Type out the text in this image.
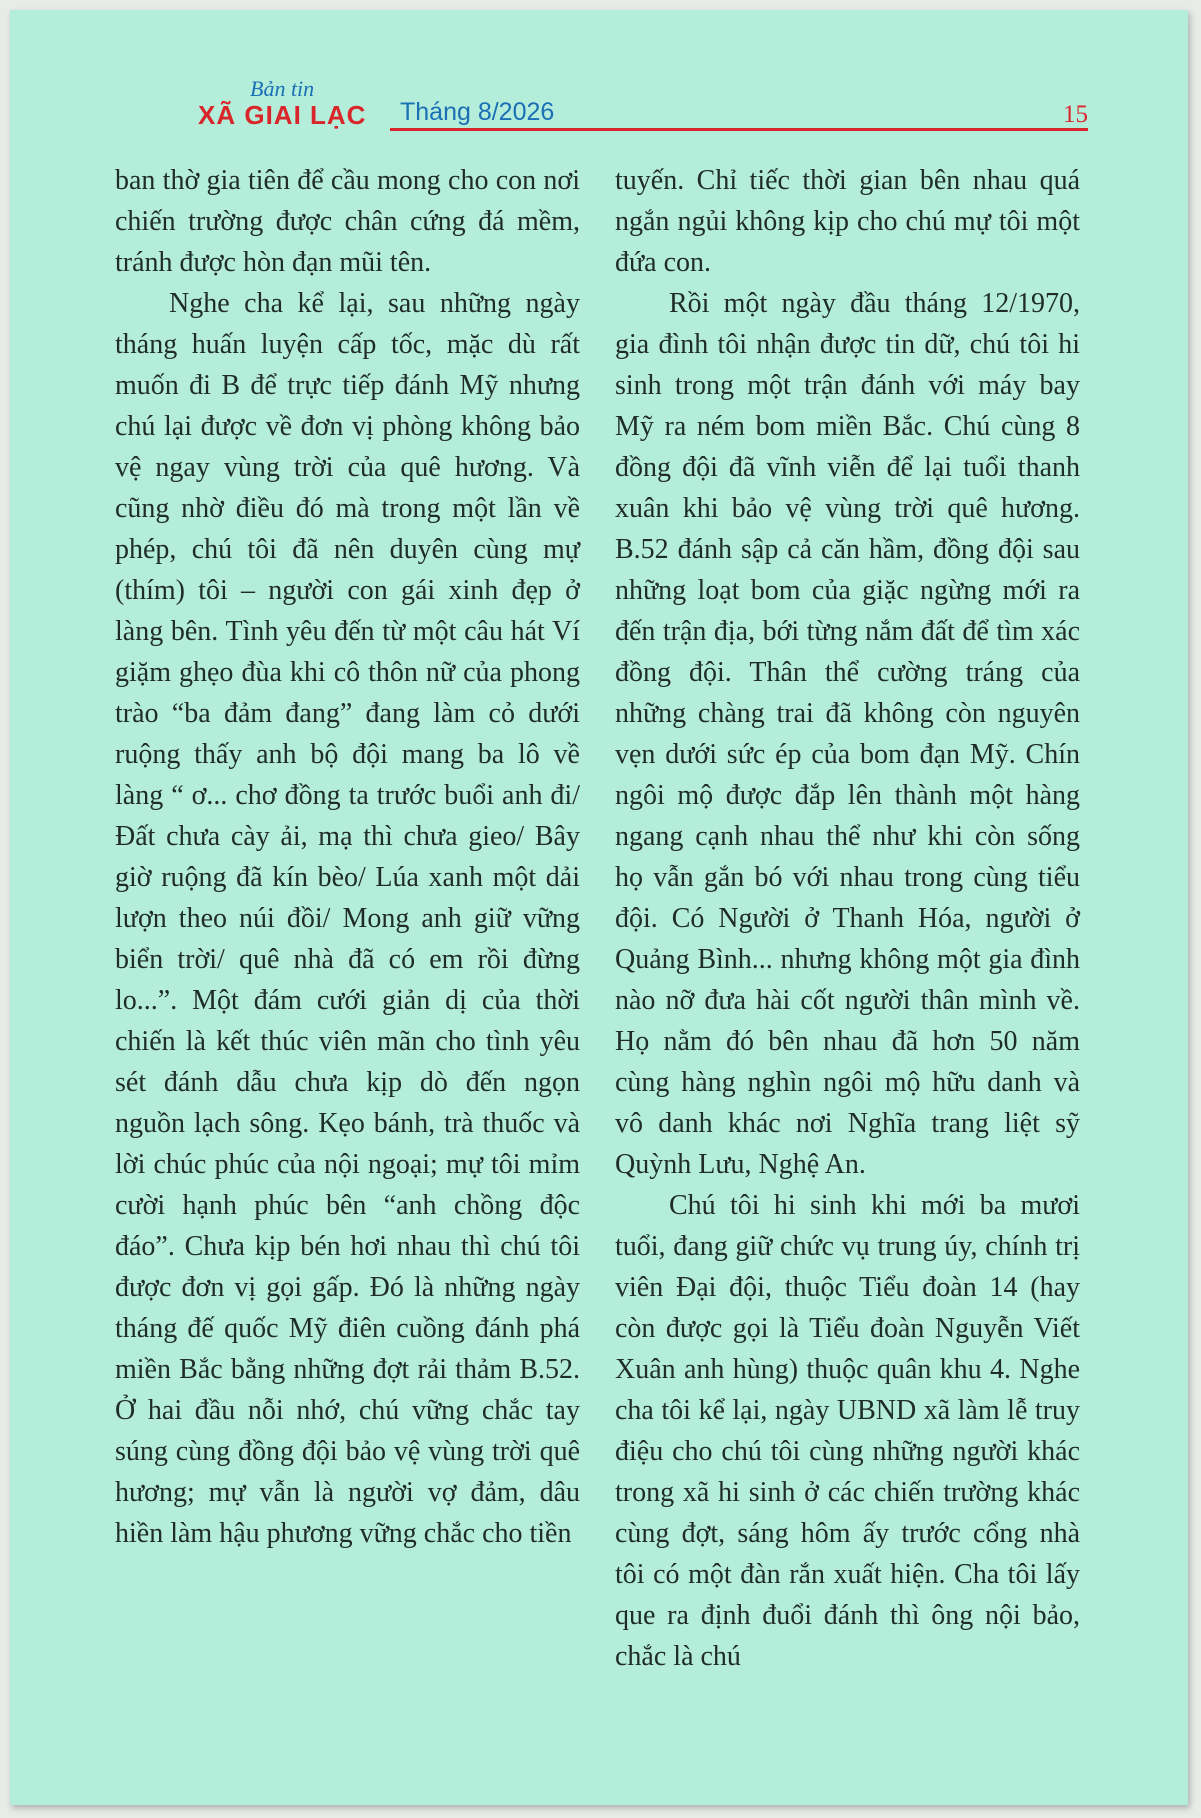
Bản tin
XÃ GIAI LẠC Tháng 8/2026	15

ban thờ gia tiên để cầu mong cho con nơi chiến trường được chân cứng đá mềm, tránh được hòn đạn mũi tên.

Nghe cha kể lại, sau những ngày tháng huấn luyện cấp tốc, mặc dù rất muốn đi B để trực tiếp đánh Mỹ nhưng chú lại được về đơn vị phòng không bảo vệ ngay vùng trời của quê hương. Và cũng nhờ điều đó mà trong một lần về phép, chú tôi đã nên duyên cùng mự (thím) tôi – người con gái xinh đẹp ở làng bên. Tình yêu đến từ một câu hát Ví giặm ghẹo đùa khi cô thôn nữ của phong trào “ba đảm đang” đang làm cỏ dưới ruộng thấy anh bộ đội mang ba lô về làng “ ơ... chơ đồng ta trước buổi anh đi/ Đất chưa cày ải, mạ thì chưa gieo/ Bây giờ ruộng đã kín bèo/ Lúa xanh một dải lượn theo núi đồi/ Mong anh giữ vững biển trời/ quê nhà đã có em rồi đừng lo...”. Một đám cưới giản dị của thời chiến là kết thúc viên mãn cho tình yêu sét đánh dẫu chưa kịp dò đến ngọn nguồn lạch sông. Kẹo bánh, trà thuốc và lời chúc phúc của nội ngoại; mự tôi mỉm cười hạnh phúc bên “anh chồng độc đáo”. Chưa kịp bén hơi nhau thì chú tôi được đơn vị gọi gấp. Đó là những ngày tháng đế quốc Mỹ điên cuồng đánh phá miền Bắc bằng những đợt rải thảm B.52. Ở hai đầu nỗi nhớ, chú vững chắc tay súng cùng đồng đội bảo vệ vùng trời quê hương; mự vẫn là người vợ đảm, dâu hiền làm hậu phương vững chắc cho tiền

tuyến. Chỉ tiếc thời gian bên nhau quá ngắn ngủi không kịp cho chú mự tôi một đứa con.

Rồi một ngày đầu tháng 12/1970, gia đình tôi nhận được tin dữ, chú tôi hi sinh trong một trận đánh với máy bay Mỹ ra ném bom miền Bắc. Chú cùng 8 đồng đội đã vĩnh viễn để lại tuổi thanh xuân khi bảo vệ vùng trời quê hương. B.52 đánh sập cả căn hầm, đồng đội sau những loạt bom của giặc ngừng mới ra đến trận địa, bới từng nắm đất để tìm xác đồng đội. Thân thể cường tráng của những chàng trai đã không còn nguyên vẹn dưới sức ép của bom đạn Mỹ. Chín ngôi mộ được đắp lên thành một hàng ngang cạnh nhau thể như khi còn sống họ vẫn gắn bó với nhau trong cùng tiểu đội. Có Người ở Thanh Hóa, người ở Quảng Bình... nhưng không một gia đình nào nỡ đưa hài cốt người thân mình về. Họ nằm đó bên nhau đã hơn 50 năm cùng hàng nghìn ngôi mộ hữu danh và vô danh khác nơi Nghĩa trang liệt sỹ Quỳnh Lưu, Nghệ An.

Chú tôi hi sinh khi mới ba mươi tuổi, đang giữ chức vụ trung úy, chính trị viên Đại đội, thuộc Tiểu đoàn 14 (hay còn được gọi là Tiểu đoàn Nguyễn Viết Xuân anh hùng) thuộc quân khu 4. Nghe cha tôi kể lại, ngày UBND xã làm lễ truy điệu cho chú tôi cùng những người khác trong xã hi sinh ở các chiến trường khác cùng đợt, sáng hôm ấy trước cổng nhà tôi có một đàn rắn xuất hiện. Cha tôi lấy que ra định đuổi đánh thì ông nội bảo, chắc là chú
